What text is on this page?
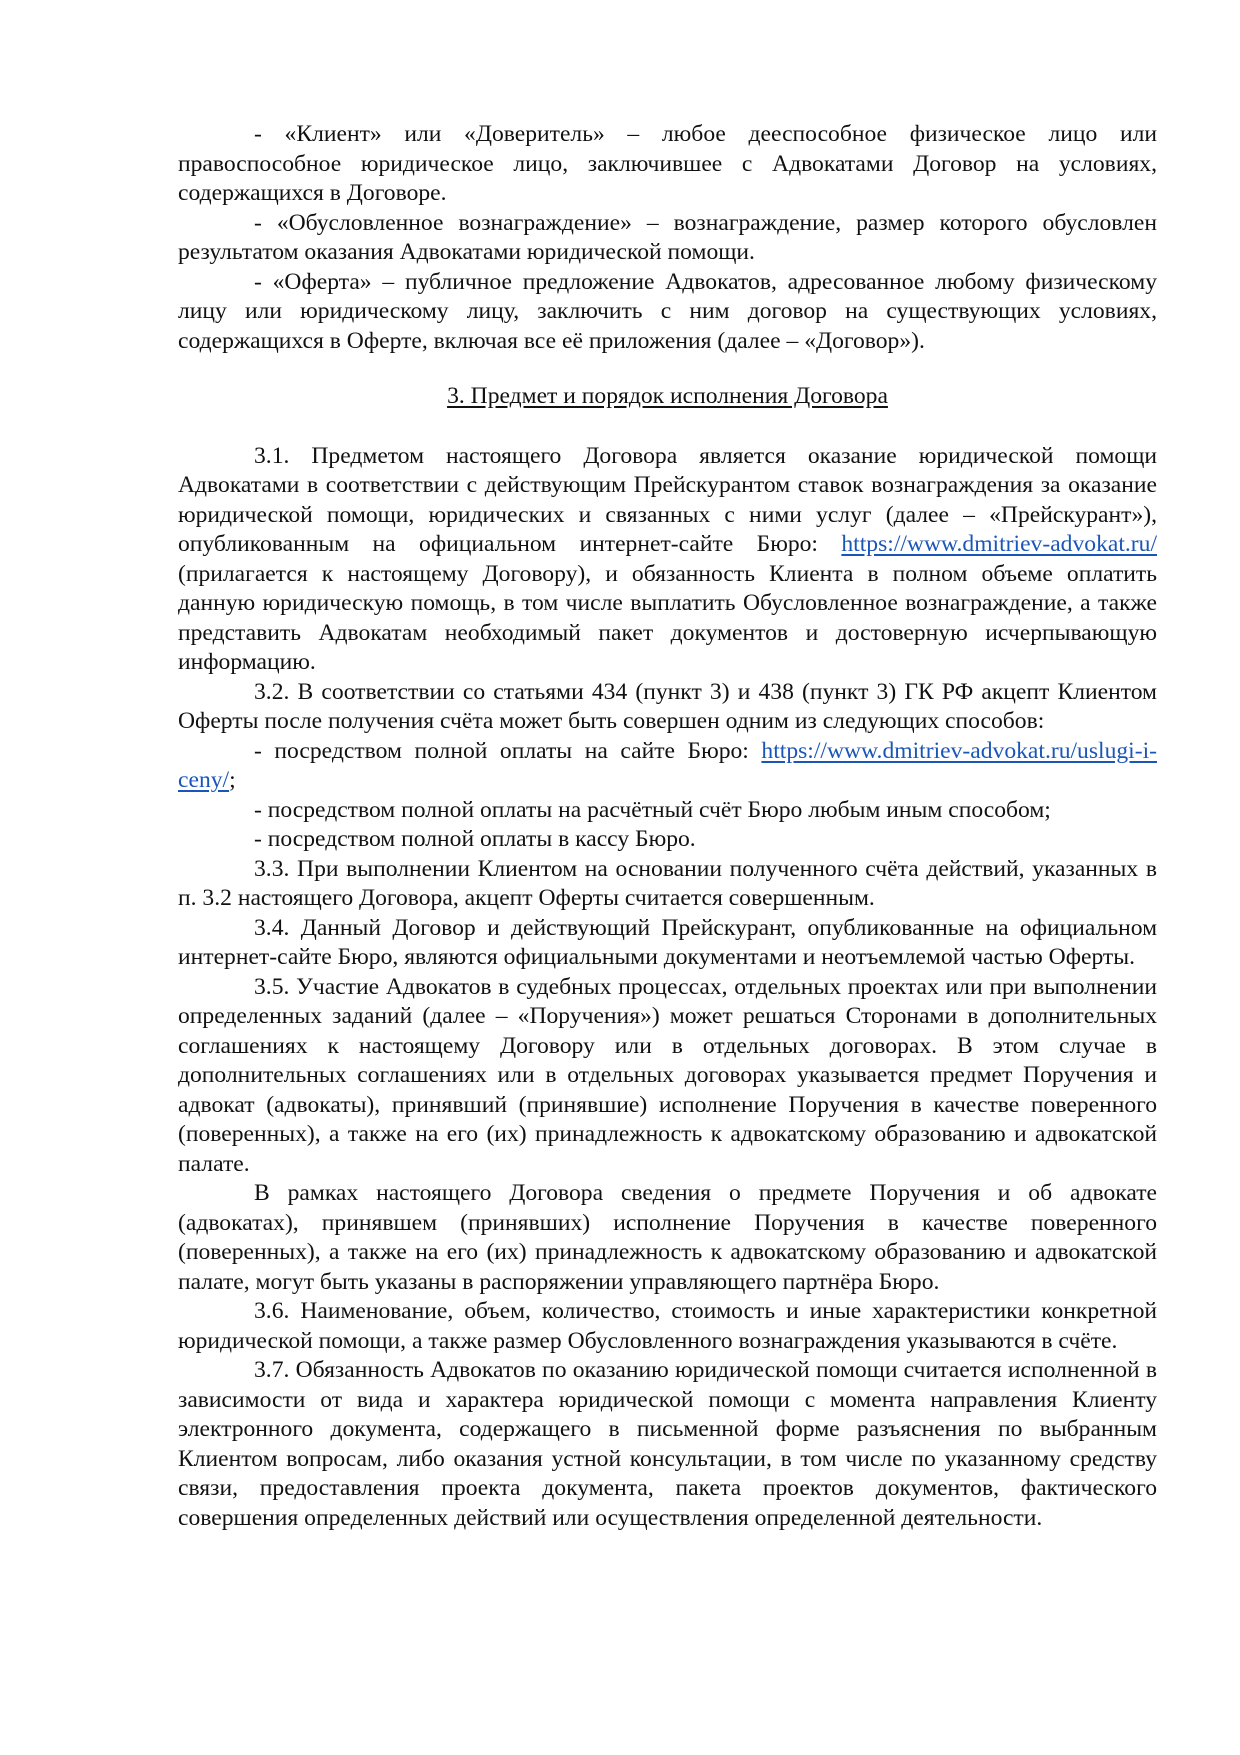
- «Клиент» или «Доверитель» – любое дееспособное физическое лицо или правоспособное юридическое лицо, заключившее с Адвокатами Договор на условиях, содержащихся в Договоре.

- «Обусловленное вознаграждение» – вознаграждение, размер которого обусловлен результатом оказания Адвокатами юридической помощи.

- «Оферта» – публичное предложение Адвокатов, адресованное любому физическому лицу или юридическому лицу, заключить с ним договор на существующих условиях, содержащихся в Оферте, включая все её приложения (далее – «Договор»).

3. Предмет и порядок исполнения Договора

3.1. Предметом настоящего Договора является оказание юридической помощи Адвокатами в соответствии с действующим Прейскурантом ставок вознаграждения за оказание юридической помощи, юридических и связанных с ними услуг (далее – «Прейскурант»), опубликованным на официальном интернет-сайте Бюро: https://www.dmitriev-advokat.ru/ (прилагается к настоящему Договору), и обязанность Клиента в полном объеме оплатить данную юридическую помощь, в том числе выплатить Обусловленное вознаграждение, а также представить Адвокатам необходимый пакет документов и достоверную исчерпывающую информацию.

3.2. В соответствии со статьями 434 (пункт 3) и 438 (пункт 3) ГК РФ акцепт Клиентом Оферты после получения счёта может быть совершен одним из следующих способов:

- посредством полной оплаты на сайте Бюро: https://www.dmitriev-advokat.ru/uslugi-i-ceny/;

- посредством полной оплаты на расчётный счёт Бюро любым иным способом;

- посредством полной оплаты в кассу Бюро.

3.3. При выполнении Клиентом на основании полученного счёта действий, указанных в п. 3.2 настоящего Договора, акцепт Оферты считается совершенным.

3.4. Данный Договор и действующий Прейскурант, опубликованные на официальном интернет-сайте Бюро, являются официальными документами и неотъемлемой частью Оферты.

3.5. Участие Адвокатов в судебных процессах, отдельных проектах или при выполнении определенных заданий (далее – «Поручения») может решаться Сторонами в дополнительных соглашениях к настоящему Договору или в отдельных договорах. В этом случае в дополнительных соглашениях или в отдельных договорах указывается предмет Поручения и адвокат (адвокаты), принявший (принявшие) исполнение Поручения в качестве поверенного (поверенных), а также на его (их) принадлежность к адвокатскому образованию и адвокатской палате.

В рамках настоящего Договора сведения о предмете Поручения и об адвокате (адвокатах), принявшем (принявших) исполнение Поручения в качестве поверенного (поверенных), а также на его (их) принадлежность к адвокатскому образованию и адвокатской палате, могут быть указаны в распоряжении управляющего партнёра Бюро.

3.6. Наименование, объем, количество, стоимость и иные характеристики конкретной юридической помощи, а также размер Обусловленного вознаграждения указываются в счёте.

3.7. Обязанность Адвокатов по оказанию юридической помощи считается исполненной в зависимости от вида и характера юридической помощи с момента направления Клиенту электронного документа, содержащего в письменной форме разъяснения по выбранным Клиентом вопросам, либо оказания устной консультации, в том числе по указанному средству связи, предоставления проекта документа, пакета проектов документов, фактического совершения определенных действий или осуществления определенной деятельности.
